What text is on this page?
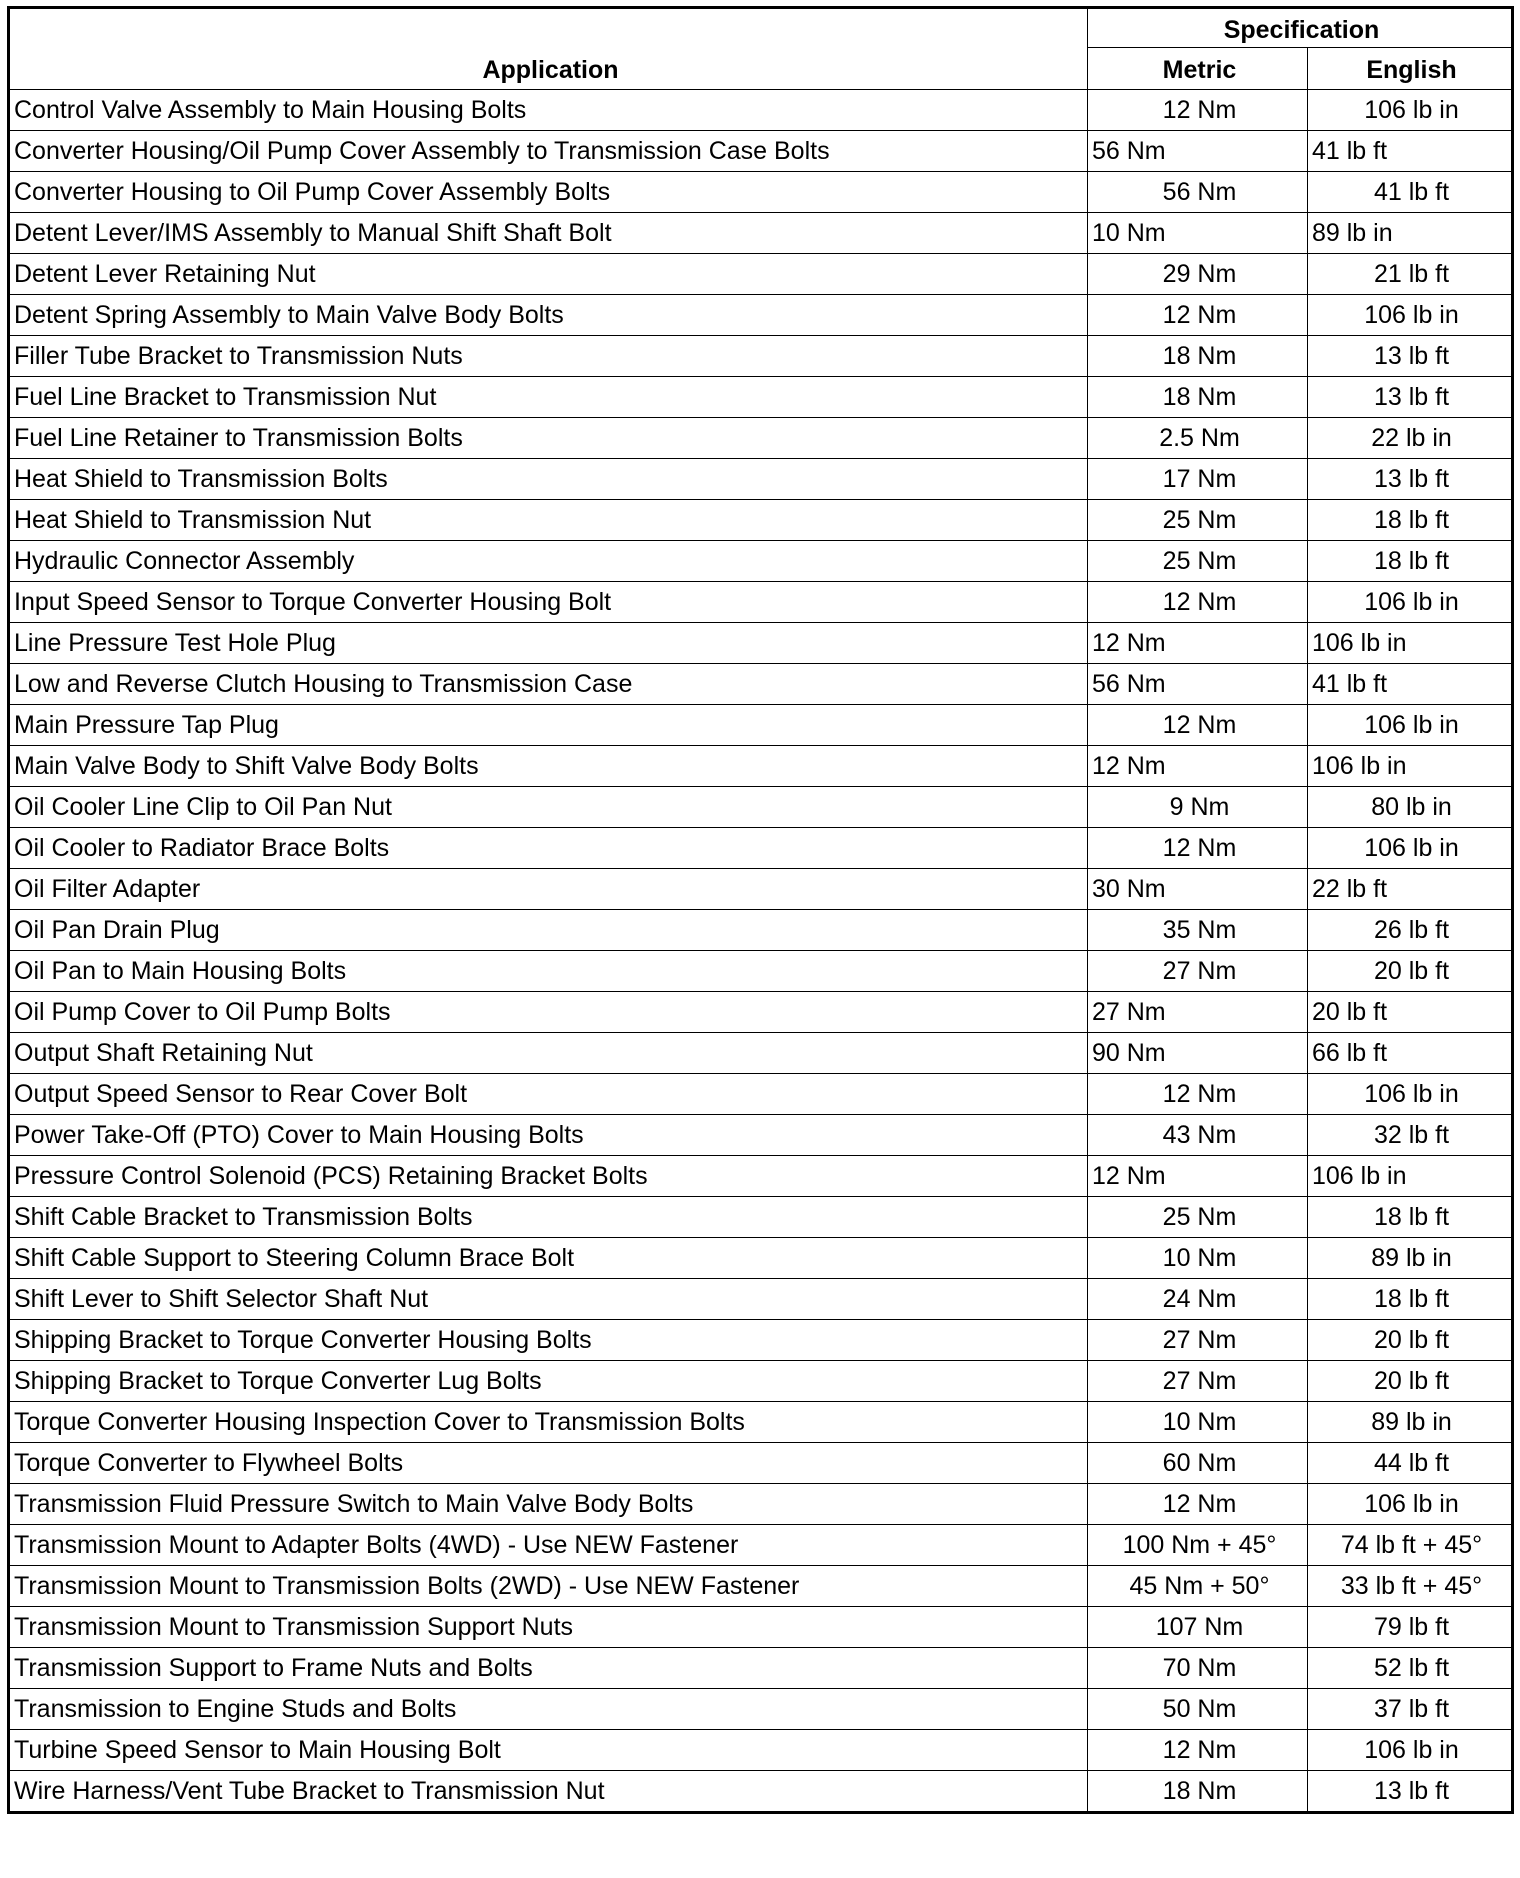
Application	Specification	
	Metric	English
Control Valve Assembly to Main Housing Bolts	12 Nm	106 lb in
Converter Housing/Oil Pump Cover Assembly to Transmission Case Bolts	56 Nm	41 lb ft
Converter Housing to Oil Pump Cover Assembly Bolts	56 Nm	41 lb ft
Detent Lever/IMS Assembly to Manual Shift Shaft Bolt	10 Nm	89 lb in
Detent Lever Retaining Nut	29 Nm	21 lb ft
Detent Spring Assembly to Main Valve Body Bolts	12 Nm	106 lb in
Filler Tube Bracket to Transmission Nuts	18 Nm	13 lb ft
Fuel Line Bracket to Transmission Nut	18 Nm	13 lb ft
Fuel Line Retainer to Transmission Bolts	2.5 Nm	22 lb in
Heat Shield to Transmission Bolts	17 Nm	13 lb ft
Heat Shield to Transmission Nut	25 Nm	18 lb ft
Hydraulic Connector Assembly	25 Nm	18 lb ft
Input Speed Sensor to Torque Converter Housing Bolt	12 Nm	106 lb in
Line Pressure Test Hole Plug	12 Nm	106 lb in
Low and Reverse Clutch Housing to Transmission Case	56 Nm	41 lb ft
Main Pressure Tap Plug	12 Nm	106 lb in
Main Valve Body to Shift Valve Body Bolts	12 Nm	106 lb in
Oil Cooler Line Clip to Oil Pan Nut	9 Nm	80 lb in
Oil Cooler to Radiator Brace Bolts	12 Nm	106 lb in
Oil Filter Adapter	30 Nm	22 lb ft
Oil Pan Drain Plug	35 Nm	26 lb ft
Oil Pan to Main Housing Bolts	27 Nm	20 lb ft
Oil Pump Cover to Oil Pump Bolts	27 Nm	20 lb ft
Output Shaft Retaining Nut	90 Nm	66 lb ft
Output Speed Sensor to Rear Cover Bolt	12 Nm	106 lb in
Power Take-Off (PTO) Cover to Main Housing Bolts	43 Nm	32 lb ft
Pressure Control Solenoid (PCS) Retaining Bracket Bolts	12 Nm	106 lb in
Shift Cable Bracket to Transmission Bolts	25 Nm	18 lb ft
Shift Cable Support to Steering Column Brace Bolt	10 Nm	89 lb in
Shift Lever to Shift Selector Shaft Nut	24 Nm	18 lb ft
Shipping Bracket to Torque Converter Housing Bolts	27 Nm	20 lb ft
Shipping Bracket to Torque Converter Lug Bolts	27 Nm	20 lb ft
Torque Converter Housing Inspection Cover to Transmission Bolts	10 Nm	89 lb in
Torque Converter to Flywheel Bolts	60 Nm	44 lb ft
Transmission Fluid Pressure Switch to Main Valve Body Bolts	12 Nm	106 lb in
Transmission Mount to Adapter Bolts (4WD) - Use NEW Fastener	100 Nm + 45°	74 lb ft + 45°
Transmission Mount to Transmission Bolts (2WD) - Use NEW Fastener	45 Nm + 50°	33 lb ft + 45°
Transmission Mount to Transmission Support Nuts	107 Nm	79 lb ft
Transmission Support to Frame Nuts and Bolts	70 Nm	52 lb ft
Transmission to Engine Studs and Bolts	50 Nm	37 lb ft
Turbine Speed Sensor to Main Housing Bolt	12 Nm	106 lb in
Wire Harness/Vent Tube Bracket to Transmission Nut	18 Nm	13 lb ft
